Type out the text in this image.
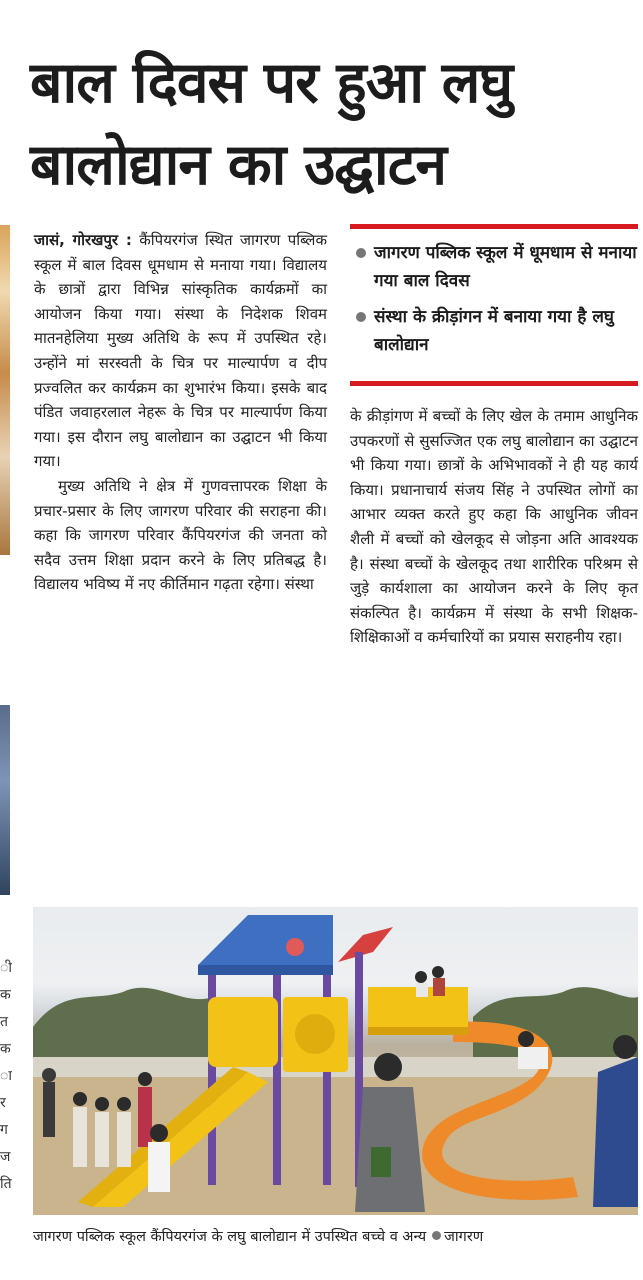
ी
क
त
क
ा
र
ग
ज
ति
बाल दिवस पर हुआ लघु
बालोद्यान का उद्घाटन

जासं, गोरखपुर : कैंपियरगंज स्थित जागरण पब्लिक स्कूल में बाल दिवस धूमधाम से मनाया गया। विद्यालय के छात्रों द्वारा विभिन्न सांस्कृतिक कार्यक्रमों का आयोजन किया गया। संस्था के निदेशक शिवम मातनहेलिया मुख्य अतिथि के रूप में उपस्थित रहे। उन्होंने मां सरस्वती के चित्र पर माल्यार्पण व दीप प्रज्वलित कर कार्यक्रम का शुभारंभ किया। इसके बाद पंडित जवाहरलाल नेहरू के चित्र पर माल्यार्पण किया गया। इस दौरान लघु बालोद्यान का उद्घाटन भी किया गया।

मुख्य अतिथि ने क्षेत्र में गुणवत्तापरक शिक्षा के प्रचार-प्रसार के लिए जागरण परिवार की सराहना की। कहा कि जागरण परिवार कैंपियरगंज की जनता को सदैव उत्तम शिक्षा प्रदान करने के लिए प्रतिबद्ध है। विद्यालय भविष्य में नए कीर्तिमान गढ़ता रहेगा। संस्था

जागरण पब्लिक स्कूल में धूमधाम से मनाया गया बाल दिवस
संस्था के क्रीड़ांगन में बनाया गया है लघु बालोद्यान

के क्रीड़ांगण में बच्चों के लिए खेल के तमाम आधुनिक उपकरणों से सुसज्जित एक लघु बालोद्यान का उद्घाटन भी किया गया। छात्रों के अभिभावकों ने ही यह कार्य किया। प्रधानाचार्य संजय सिंह ने उपस्थित लोगों का आभार व्यक्त करते हुए कहा कि आधुनिक जीवन शैली में बच्चों को खेलकूद से जोड़ना अति आवश्यक है। संस्था बच्चों के खेलकूद तथा शारीरिक परिश्रम से जुड़े कार्यशाला का आयोजन करने के लिए कृत संकल्पित है। कार्यक्रम में संस्था के सभी शिक्षक-शिक्षिकाओं व कर्मचारियों का प्रयास सराहनीय रहा।

जागरण पब्लिक स्कूल कैंपियरगंज के लघु बालोद्यान में उपस्थित बच्चे व अन्य जागरण
